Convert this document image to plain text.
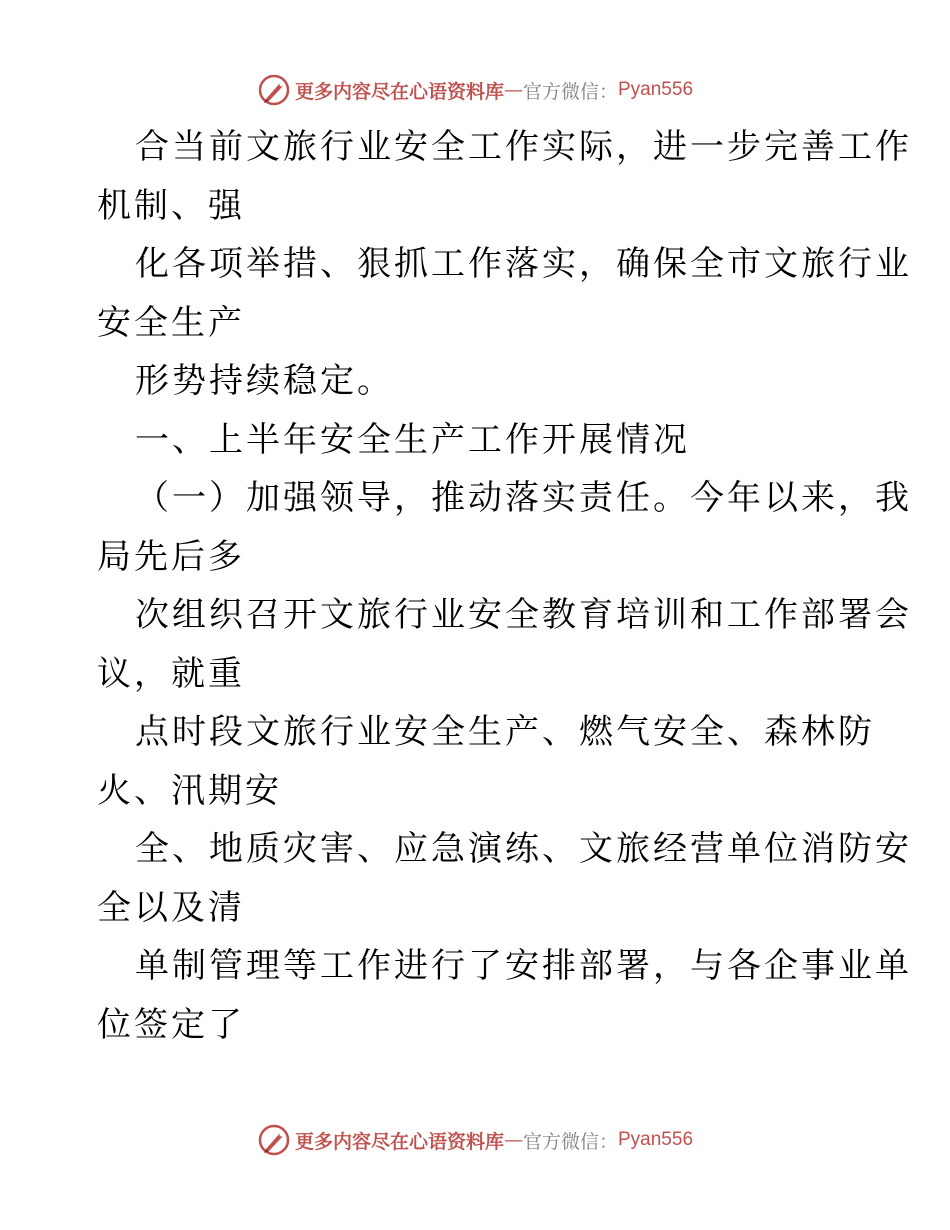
更多内容尽在心语资料库 — 官方微信： Pyan556
合当前文旅行业安全工作实际，进一步完善工作
机制、强
化各项举措、狠抓工作落实，确保全市文旅行业
安全生产
形势持续稳定。
一、上半年安全生产工作开展情况
（一）加强领导，推动落实责任。今年以来，我
局先后多
次组织召开文旅行业安全教育培训和工作部署会
议，就重
点时段文旅行业安全生产、燃气安全、森林防
火、汛期安
全、地质灾害、应急演练、文旅经营单位消防安
全以及清
单制管理等工作进行了安排部署，与各企事业单
位签定了
更多内容尽在心语资料库 — 官方微信： Pyan556
